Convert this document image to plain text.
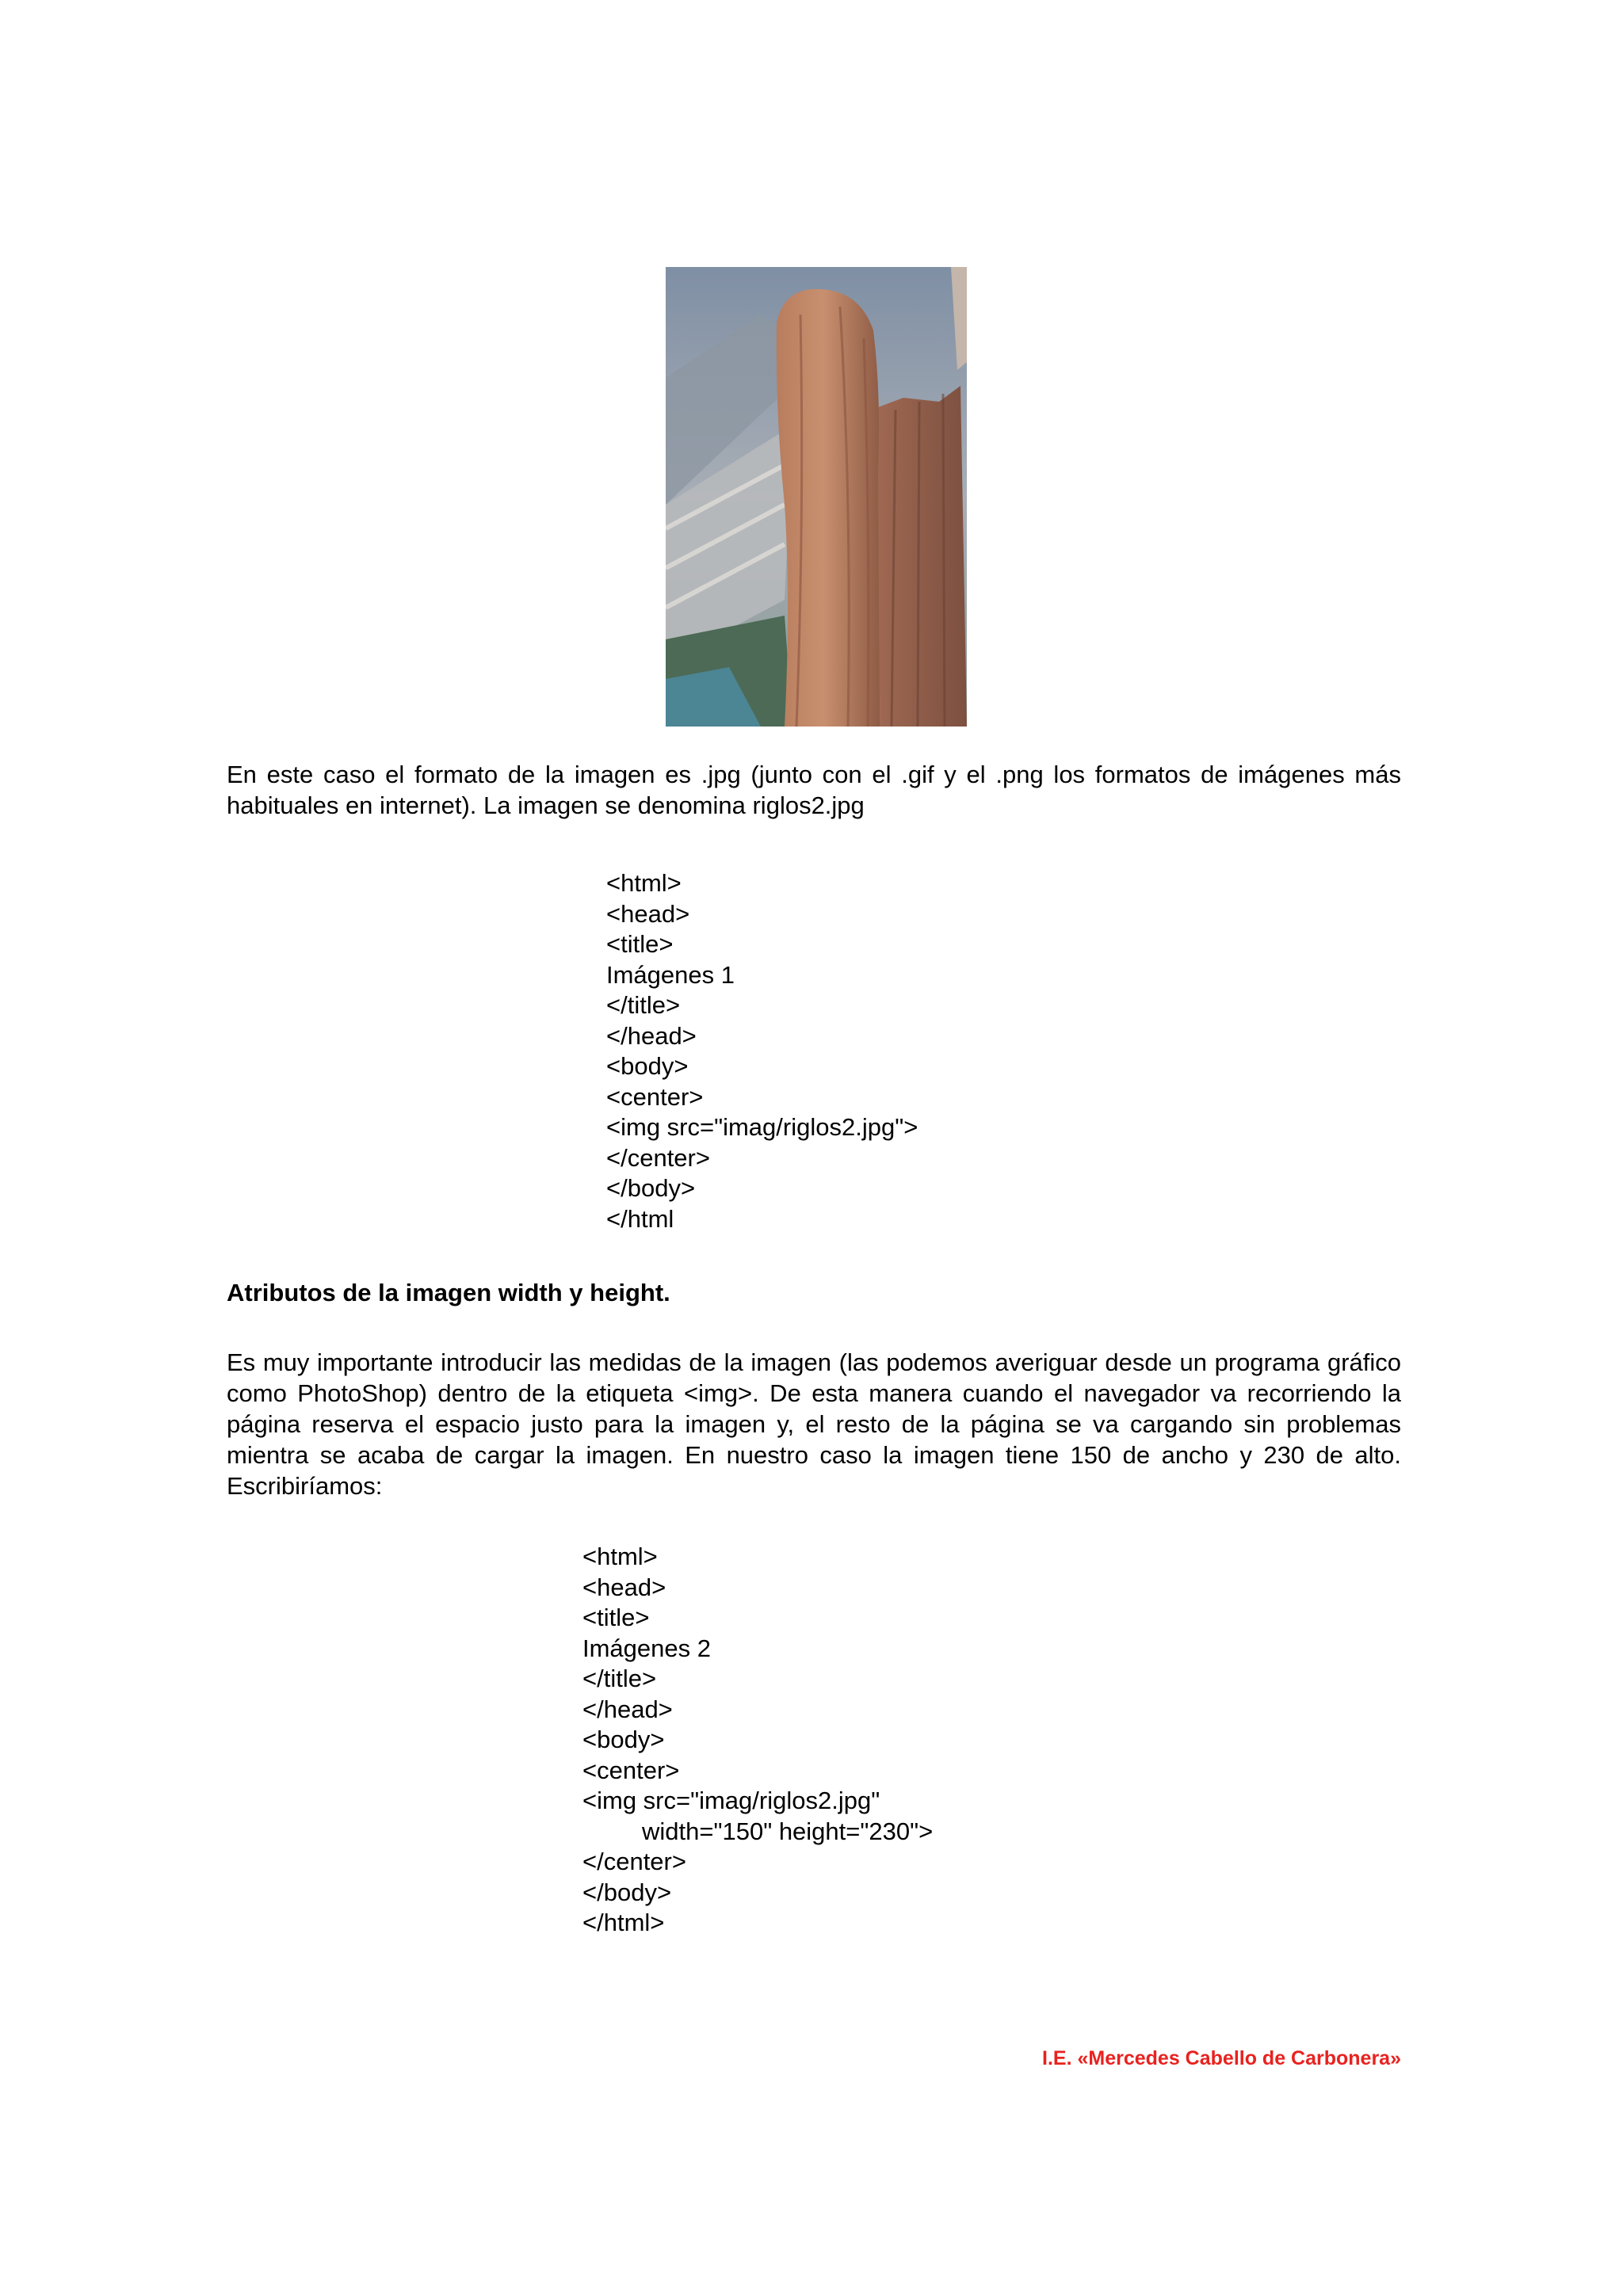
En este caso el formato de la imagen es .jpg (junto con el .gif y el .png los formatos de imágenes más habituales en internet). La imagen se denomina riglos2.jpg

<html>
<head>
<title>
Imágenes 1
</title>
</head>
<body>
<center>
<img src="imag/riglos2.jpg">
</center>
</body>
</html

Atributos de la imagen width y height.

Es muy importante introducir las medidas de la imagen (las podemos averiguar desde un programa gráfico como PhotoShop) dentro de la etiqueta <img>. De esta manera cuando el navegador va recorriendo la página reserva el espacio justo para la imagen y, el resto de la página se va cargando sin problemas mientra se acaba de cargar la imagen. En nuestro caso la imagen tiene 150 de ancho y 230 de alto. Escribiríamos:

<html>
<head>
<title>
Imágenes 2
</title>
</head>
<body>
<center>
<img src="imag/riglos2.jpg"
width="150" height="230">
</center>
</body>
</html>
I.E. «Mercedes Cabello de Carbonera»
